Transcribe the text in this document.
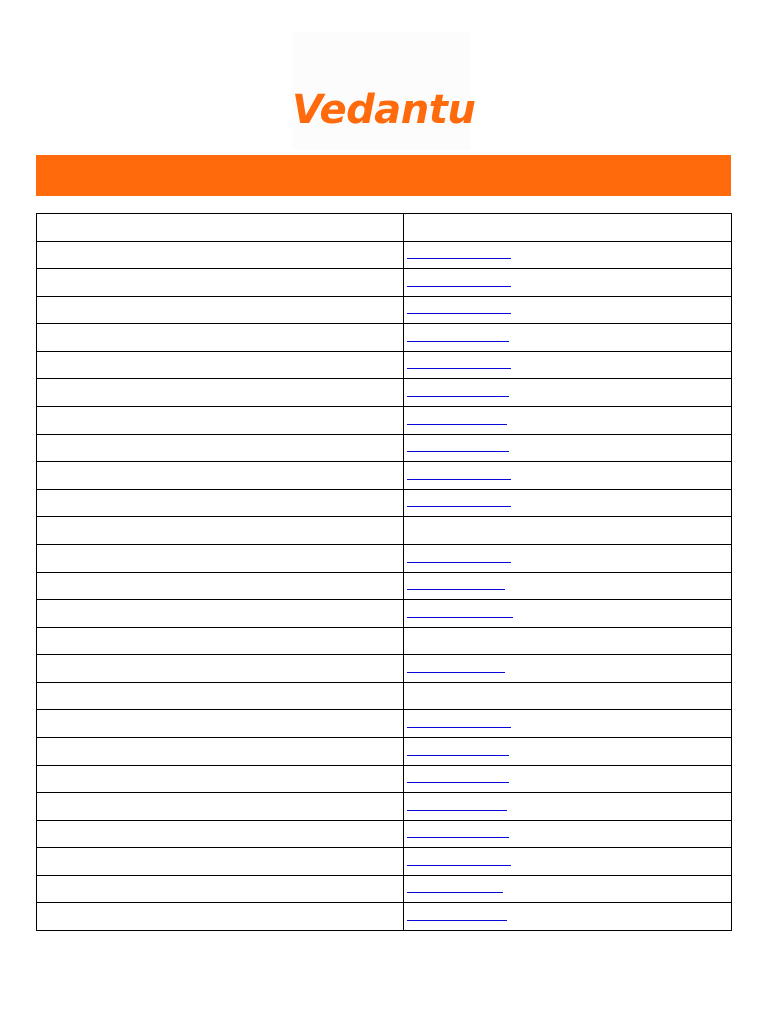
Vedantu
